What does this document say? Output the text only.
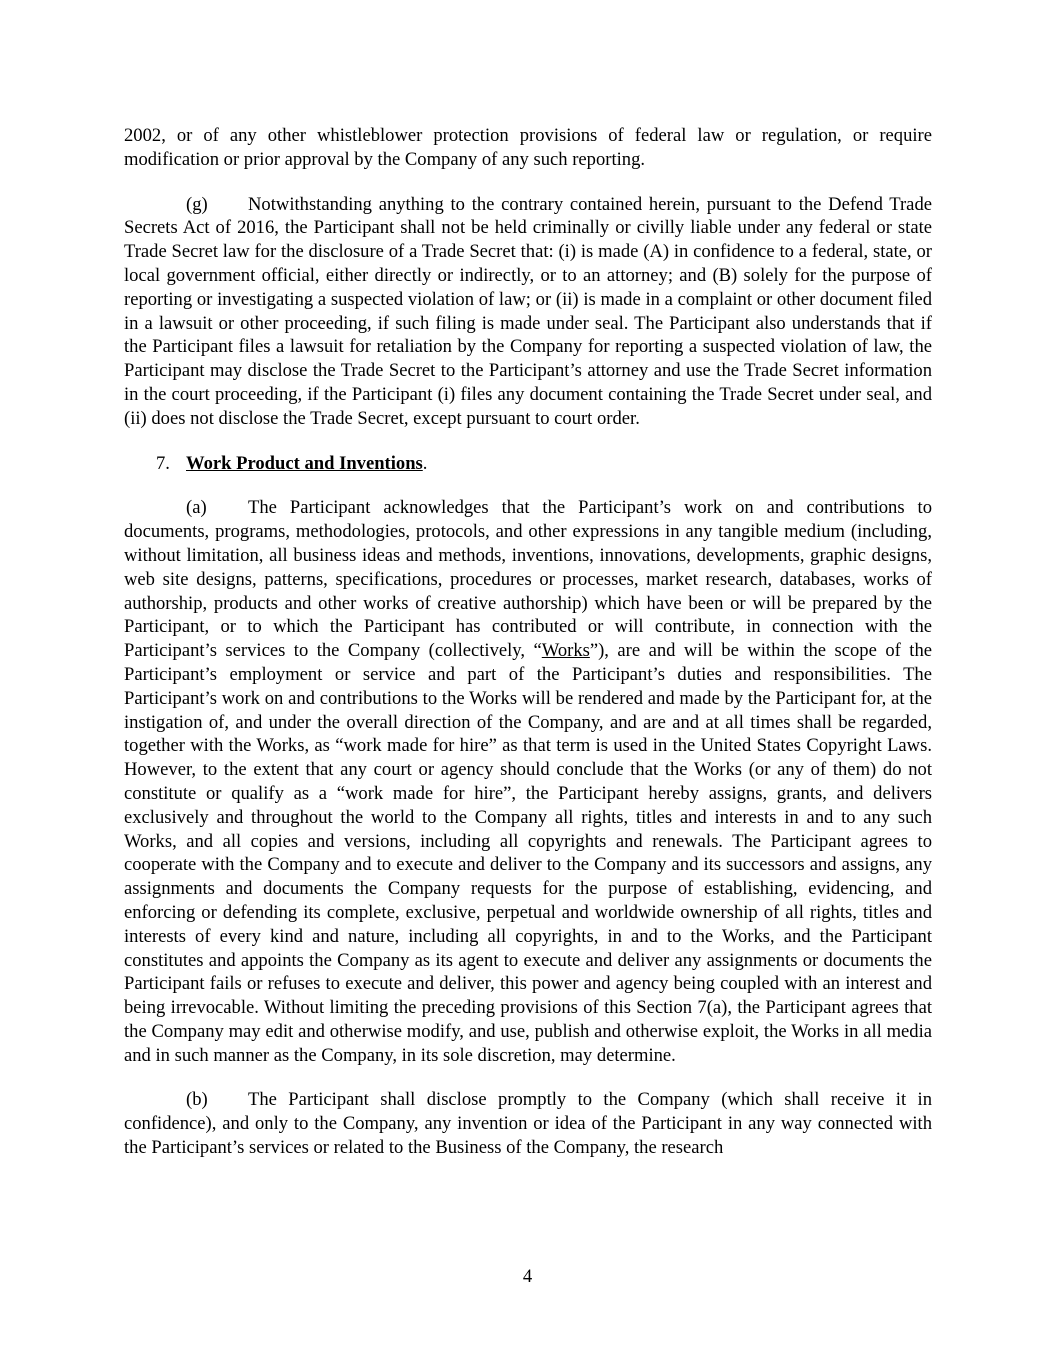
2002, or of any other whistleblower protection provisions of federal law or regulation, or require modification or prior approval by the Company of any such reporting.

(g) Notwithstanding anything to the contrary contained herein, pursuant to the Defend Trade Secrets Act of 2016, the Participant shall not be held criminally or civilly liable under any federal or state Trade Secret law for the disclosure of a Trade Secret that: (i) is made (A) in confidence to a federal, state, or local government official, either directly or indirectly, or to an attorney; and (B) solely for the purpose of reporting or investigating a suspected violation of law; or (ii) is made in a complaint or other document filed in a lawsuit or other proceeding, if such filing is made under seal. The Participant also understands that if the Participant files a lawsuit for retaliation by the Company for reporting a suspected violation of law, the Participant may disclose the Trade Secret to the Participant’s attorney and use the Trade Secret information in the court proceeding, if the Participant (i) files any document containing the Trade Secret under seal, and (ii) does not disclose the Trade Secret, except pursuant to court order.

7. Work Product and Inventions.

(a) The Participant acknowledges that the Participant’s work on and contributions to documents, programs, methodologies, protocols, and other expressions in any tangible medium (including, without limitation, all business ideas and methods, inventions, innovations, developments, graphic designs, web site designs, patterns, specifications, procedures or processes, market research, databases, works of authorship, products and other works of creative authorship) which have been or will be prepared by the Participant, or to which the Participant has contributed or will contribute, in connection with the Participant’s services to the Company (collectively, “Works”), are and will be within the scope of the Participant’s employment or service and part of the Participant’s duties and responsibilities. The Participant’s work on and contributions to the Works will be rendered and made by the Participant for, at the instigation of, and under the overall direction of the Company, and are and at all times shall be regarded, together with the Works, as “work made for hire” as that term is used in the United States Copyright Laws. However, to the extent that any court or agency should conclude that the Works (or any of them) do not constitute or qualify as a “work made for hire”, the Participant hereby assigns, grants, and delivers exclusively and throughout the world to the Company all rights, titles and interests in and to any such Works, and all copies and versions, including all copyrights and renewals. The Participant agrees to cooperate with the Company and to execute and deliver to the Company and its successors and assigns, any assignments and documents the Company requests for the purpose of establishing, evidencing, and enforcing or defending its complete, exclusive, perpetual and worldwide ownership of all rights, titles and interests of every kind and nature, including all copyrights, in and to the Works, and the Participant constitutes and appoints the Company as its agent to execute and deliver any assignments or documents the Participant fails or refuses to execute and deliver, this power and agency being coupled with an interest and being irrevocable. Without limiting the preceding provisions of this Section 7(a), the Participant agrees that the Company may edit and otherwise modify, and use, publish and otherwise exploit, the Works in all media and in such manner as the Company, in its sole discretion, may determine.

(b) The Participant shall disclose promptly to the Company (which shall receive it in confidence), and only to the Company, any invention or idea of the Participant in any way connected with the Participant’s services or related to the Business of the Company, the research

4
